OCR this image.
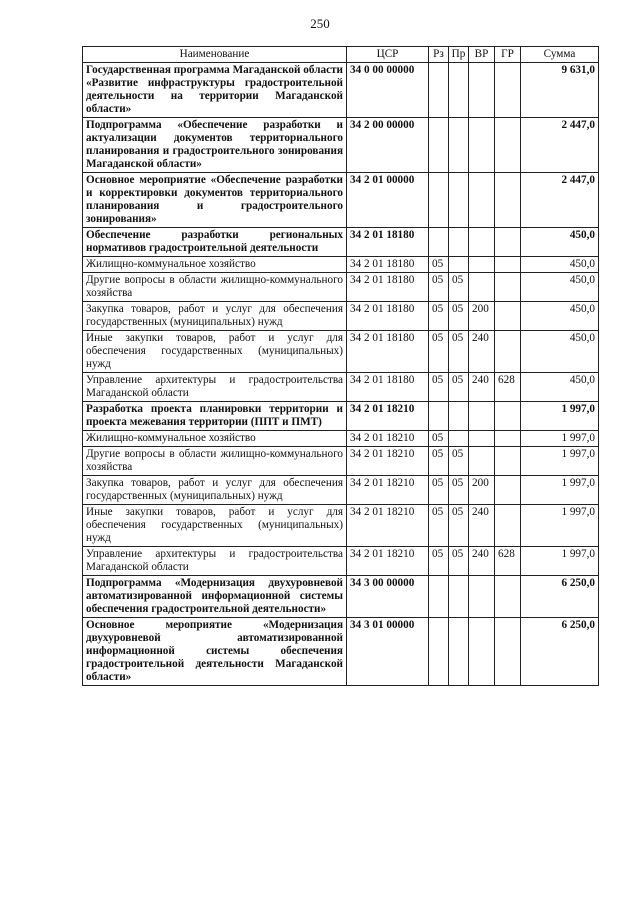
250
Наименование	ЦСР	Рз	Пр	ВР	ГР	Сумма
Государственная программа Магаданской области «Развитие инфраструктуры градостроительной деятельности на территории Магаданской области»	34 0 00 00000					9 631,0
Подпрограмма «Обеспечение разработки и актуализации документов территориального планирования и градостроительного зонирования Магаданской области»	34 2 00 00000					2 447,0
Основное мероприятие «Обеспечение разработки и корректировки документов территориального планирования и градостроительного зонирования»	34 2 01 00000					2 447,0
Обеспечение разработки региональных нормативов градостроительной деятельности	34 2 01 18180					450,0
Жилищно-коммунальное хозяйство	34 2 01 18180	05				450,0
Другие вопросы в области жилищно-коммунального хозяйства	34 2 01 18180	05	05			450,0
Закупка товаров, работ и услуг для обеспечения государственных (муниципальных) нужд	34 2 01 18180	05	05	200		450,0
Иные закупки товаров, работ и услуг для обеспечения государственных (муниципальных) нужд	34 2 01 18180	05	05	240		450,0
Управление архитектуры и градостроительства Магаданской области	34 2 01 18180	05	05	240	628	450,0
Разработка проекта планировки территории и проекта межевания территории (ППТ и ПМТ)	34 2 01 18210					1 997,0
Жилищно-коммунальное хозяйство	34 2 01 18210	05				1 997,0
Другие вопросы в области жилищно-коммунального хозяйства	34 2 01 18210	05	05			1 997,0
Закупка товаров, работ и услуг для обеспечения государственных (муниципальных) нужд	34 2 01 18210	05	05	200		1 997,0
Иные закупки товаров, работ и услуг для обеспечения государственных (муниципальных) нужд	34 2 01 18210	05	05	240		1 997,0
Управление архитектуры и градостроительства Магаданской области	34 2 01 18210	05	05	240	628	1 997,0
Подпрограмма «Модернизация двухуровневой автоматизированной информационной системы обеспечения градостроительной деятельности»	34 3 00 00000					6 250,0
Основное мероприятие «Модернизация двухуровневой автоматизированной информационной системы обеспечения градостроительной деятельности Магаданской области»	34 3 01 00000					6 250,0
